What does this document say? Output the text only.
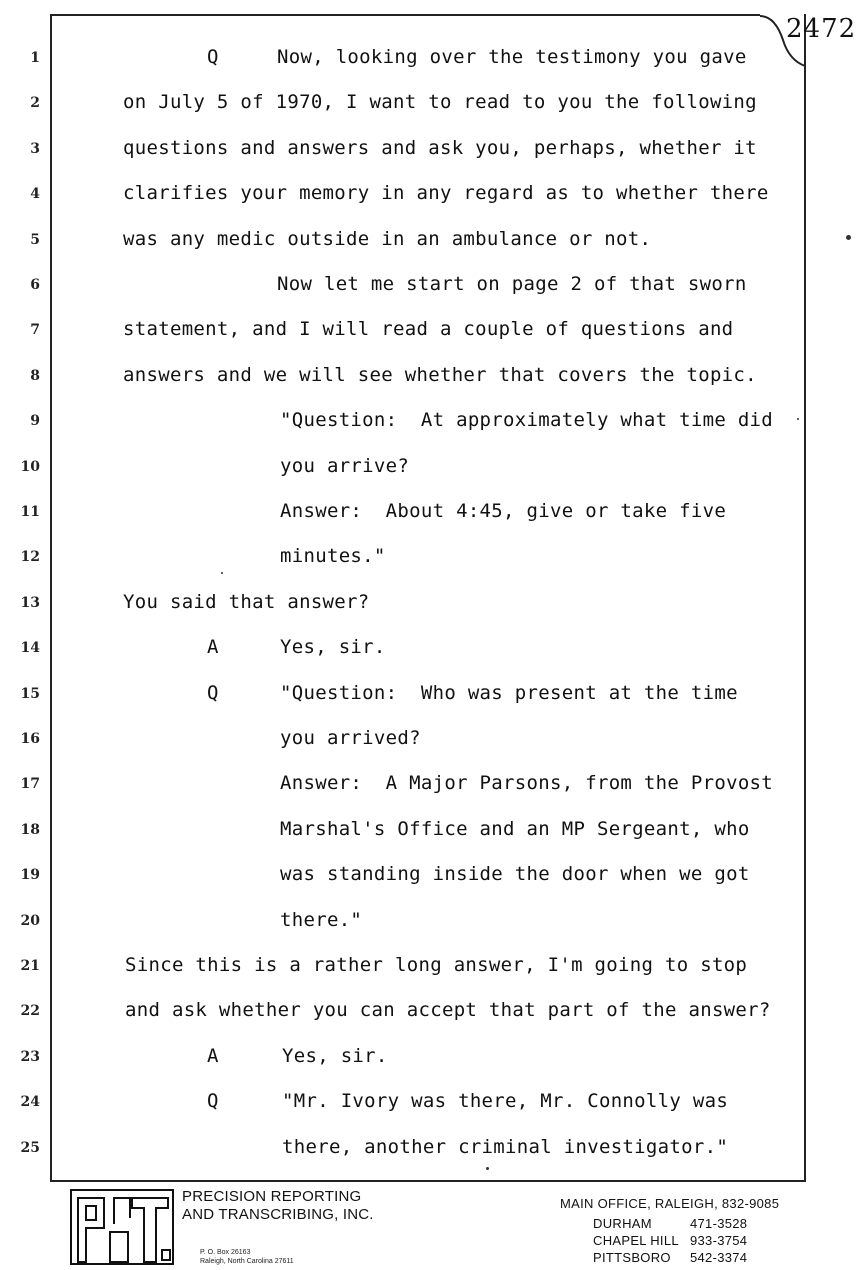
2472
1	Q	Now, looking over the testimony you gave
2	on July 5 of 1970, I want to read to you the following
3	questions and answers and ask you, perhaps, whether it
4	clarifies your memory in any regard as to whether there
5	was any medic outside in an ambulance or not.
6	Now let me start on page 2 of that sworn
7	statement, and I will read a couple of questions and
8	answers and we will see whether that covers the topic.
9	"Question:  At approximately what time did
10	you arrive?
11	Answer:  About 4:45, give or take five
12	minutes."
13	You said that answer?
14	A	Yes, sir.
15	Q	"Question:  Who was present at the time
16	you arrived?
17	Answer:  A Major Parsons, from the Provost
18	Marshal's Office and an MP Sergeant, who
19	was standing inside the door when we got
20	there."
21	Since this is a rather long answer, I'm going to stop
22	and ask whether you can accept that part of the answer?
23	A	Yes, sir.
24	Q	"Mr. Ivory was there, Mr. Connolly was
25	there, another criminal investigator."
PRECISION REPORTING
AND TRANSCRIBING, INC.
P. O. Box 26163
Raleigh, North Carolina 27611
MAIN OFFICE, RALEIGH, 832-9085
DURHAM	471-3528
CHAPEL HILL 933-3754
PITTSBORO 542-3374
